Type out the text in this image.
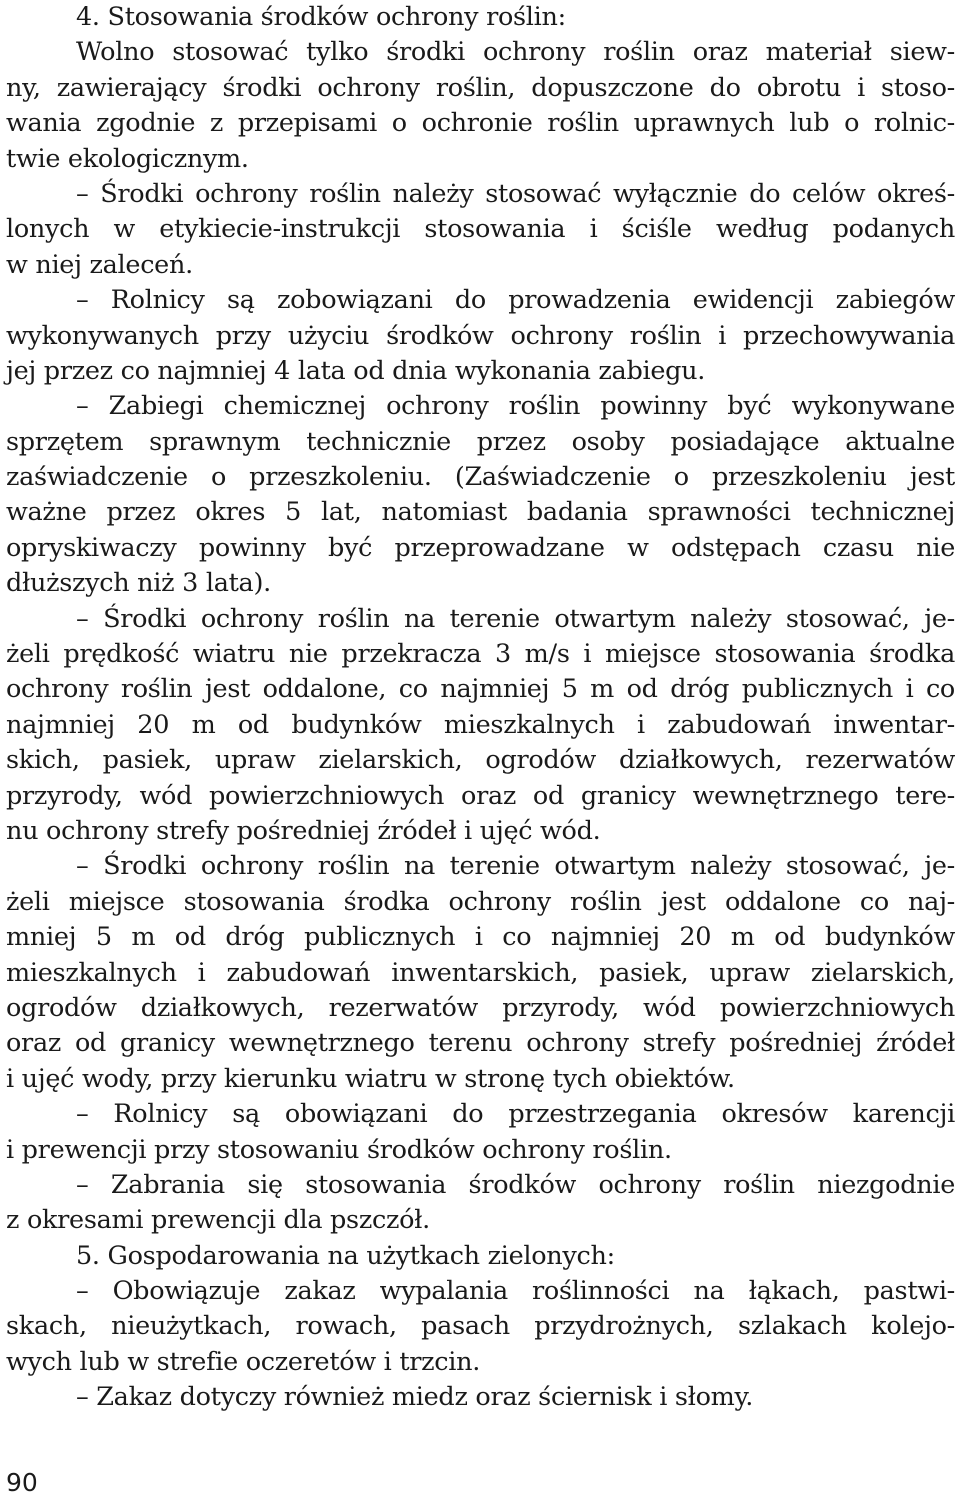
4. Stosowania środków ochrony roślin:
Wolno stosować tylko środki ochrony roślin oraz materiał siew-
ny, zawierający środki ochrony roślin, dopuszczone do obrotu i stoso-
wania zgodnie z przepisami o ochronie roślin uprawnych lub o rolnic-
twie ekologicznym.
– Środki ochrony roślin należy stosować wyłącznie do celów okreś-
lonych w etykiecie-instrukcji stosowania i ściśle według podanych
w niej zaleceń.
– Rolnicy są zobowiązani do prowadzenia ewidencji zabiegów
wykonywanych przy użyciu środków ochrony roślin i przechowywania
jej przez co najmniej 4 lata od dnia wykonania zabiegu.
– Zabiegi chemicznej ochrony roślin powinny być wykonywane
sprzętem sprawnym technicznie przez osoby posiadające aktualne
zaświadczenie o przeszkoleniu. (Zaświadczenie o przeszkoleniu jest
ważne przez okres 5 lat, natomiast badania sprawności technicznej
opryskiwaczy powinny być przeprowadzane w odstępach czasu nie
dłuższych niż 3 lata).
– Środki ochrony roślin na terenie otwartym należy stosować, je-
żeli prędkość wiatru nie przekracza 3 m/s i miejsce stosowania środka
ochrony roślin jest oddalone, co najmniej 5 m od dróg publicznych i co
najmniej 20 m od budynków mieszkalnych i zabudowań inwentar-
skich, pasiek, upraw zielarskich, ogrodów działkowych, rezerwatów
przyrody, wód powierzchniowych oraz od granicy wewnętrznego tere-
nu ochrony strefy pośredniej źródeł i ujęć wód.
– Środki ochrony roślin na terenie otwartym należy stosować, je-
żeli miejsce stosowania środka ochrony roślin jest oddalone co naj-
mniej 5 m od dróg publicznych i co najmniej 20 m od budynków
mieszkalnych i zabudowań inwentarskich, pasiek, upraw zielarskich,
ogrodów działkowych, rezerwatów przyrody, wód powierzchniowych
oraz od granicy wewnętrznego terenu ochrony strefy pośredniej źródeł
i ujęć wody, przy kierunku wiatru w stronę tych obiektów.
– Rolnicy są obowiązani do przestrzegania okresów karencji
i prewencji przy stosowaniu środków ochrony roślin.
– Zabrania się stosowania środków ochrony roślin niezgodnie
z okresami prewencji dla pszczół.
5. Gospodarowania na użytkach zielonych:
– Obowiązuje zakaz wypalania roślinności na łąkach, pastwi-
skach, nieużytkach, rowach, pasach przydrożnych, szlakach kolejo-
wych lub w strefie oczeretów i trzcin.
– Zakaz dotyczy również miedz oraz ściernisk i słomy.
90
